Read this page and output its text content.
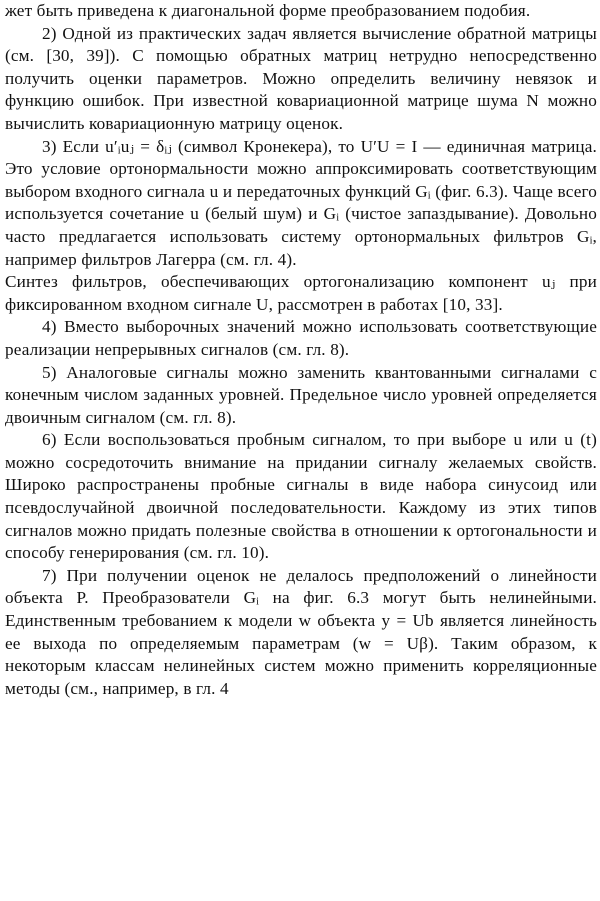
жет быть приведена к диагональной форме преобразованием подобия.

2) Одной из практических задач является вычисление обратной матрицы (см. [30, 39]). С помощью обратных матриц нетрудно непосредственно получить оценки параметров. Можно определить величину невязок и функцию ошибок. При известной ковариационной матрице шума N можно вычислить ковариационную матрицу оценок.

3) Если u′ᵢuⱼ = δᵢⱼ (символ Кронекера), то U′U = I — единичная матрица. Это условие ортонормальности можно аппроксимировать соответствующим выбором входного сигнала u и передаточных функций Gᵢ (фиг. 6.3). Чаще всего используется сочетание u (белый шум) и Gᵢ (чистое запаздывание). Довольно часто предлагается использовать систему ортонормальных фильтров Gᵢ, например фильтров Лагерра (см. гл. 4).

Синтез фильтров, обеспечивающих ортогонализацию компонент uⱼ при фиксированном входном сигнале U, рассмотрен в работах [10, 33].

4) Вместо выборочных значений можно использовать соответствующие реализации непрерывных сигналов (см. гл. 8).

5) Аналоговые сигналы можно заменить квантованными сигналами с конечным числом заданных уровней. Предельное число уровней определяется двоичным сигналом (см. гл. 8).

6) Если воспользоваться пробным сигналом, то при выборе u или u (t) можно сосредоточить внимание на придании сигналу желаемых свойств. Широко распространены пробные сигналы в виде набора синусоид или псевдослучайной двоичной последовательности. Каждому из этих типов сигналов можно придать полезные свойства в отношении к ортогональности и способу генерирования (см. гл. 10).

7) При получении оценок не делалось предположений о линейности объекта P. Преобразователи Gᵢ на фиг. 6.3 могут быть нелинейными. Единственным требованием к модели w объекта y = Ub является линейность ее выхода по определяемым параметрам (w = Uβ). Таким образом, к некоторым классам нелинейных систем можно применить корреляционные методы (см., например, в гл. 4
